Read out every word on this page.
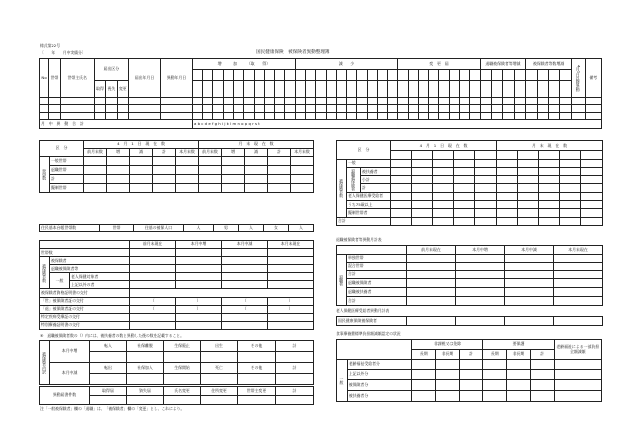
様式第22号
〔　　年　　月中実績分〕	国民健康保険　被保険者異動整理簿
No	世帯	世帯主氏名	届出区分			届出年月日	異動年月日	増　　　加　　　（取　　得）										減　　少										変　更　届								退職被保険者等増減				被保険者等数増減				4月1日以降異動	備考

			取得	喪失	変更																																								

月　中　異　動　合　計								a b c d e f g h i j k l m n o p q r s t																																					
区　分		4　月　1　日　現　在　数					月　末　現　在　数				
		前月末数	増	減	計	本月末数	前月末数	増	減	計	本月末数
世帯数	一般世帯										
	退職世帯										
	計										
	擬制世帯										
住民基本台帳世帯数	世帯	住基の被保人口	人	男	人	女	人
			前月末現在	本月中増	本月中減	本月末現在
世帯数						
被保険者数	被保険者					
	退職被保険者等					
	一般	老人保健対象者				
		上記以外の者				
被保険者資格証明書の交付						
「世」被保険者証の交付			（	）	（	）
「退」被保険者証の交付			（	）	（	）
特定疾病受療証の交付						
特別療養証明書の交付						
⑥　退職被保険者数の（）内には、被扶養者の数と異動した後の数を記載すること。
被保険者内訳	本月中増	転入	社保離脱	生保廃止	出生	その他	計

	本月中減	転出	社保加入	生保開始	死亡	その他	計

異動届書件数	取得届	資失届	氏名変更	住所変更	世帯主変更	計

注「一般被保険者」欄の「退職」は、「被保険者」欄の「変更」とし、これにより。
区　分			4　月　1　日　現　在　数					月　末　現　在　数				

被保険者数	一般											
	退職被保険者	被扶養者										
		小計										
		計										
	老人保健医療受給者											
	うち75歳以上											
	擬制世帯者											
合計												
退職被保険者等異動月計表
		前月末現在	本月中増	本月中減	本月末現在
退職者	単独世帯				
	混合世帯				
	合計				
	退職被保険者				
	退職被扶養者				
	合計				
老人保健医療受給者異動月計表
国民健康保険被保険者				
食事療養費標準負担額減額認定の状況
		非課税又は免除			要保護			老齢福祉による一部負担全額減額
		長期	非長期	計	長期	非長期	計	
一般	老齢福祉受給者分							
	上記以外分							
	被保険者分							
	被扶養者分							
